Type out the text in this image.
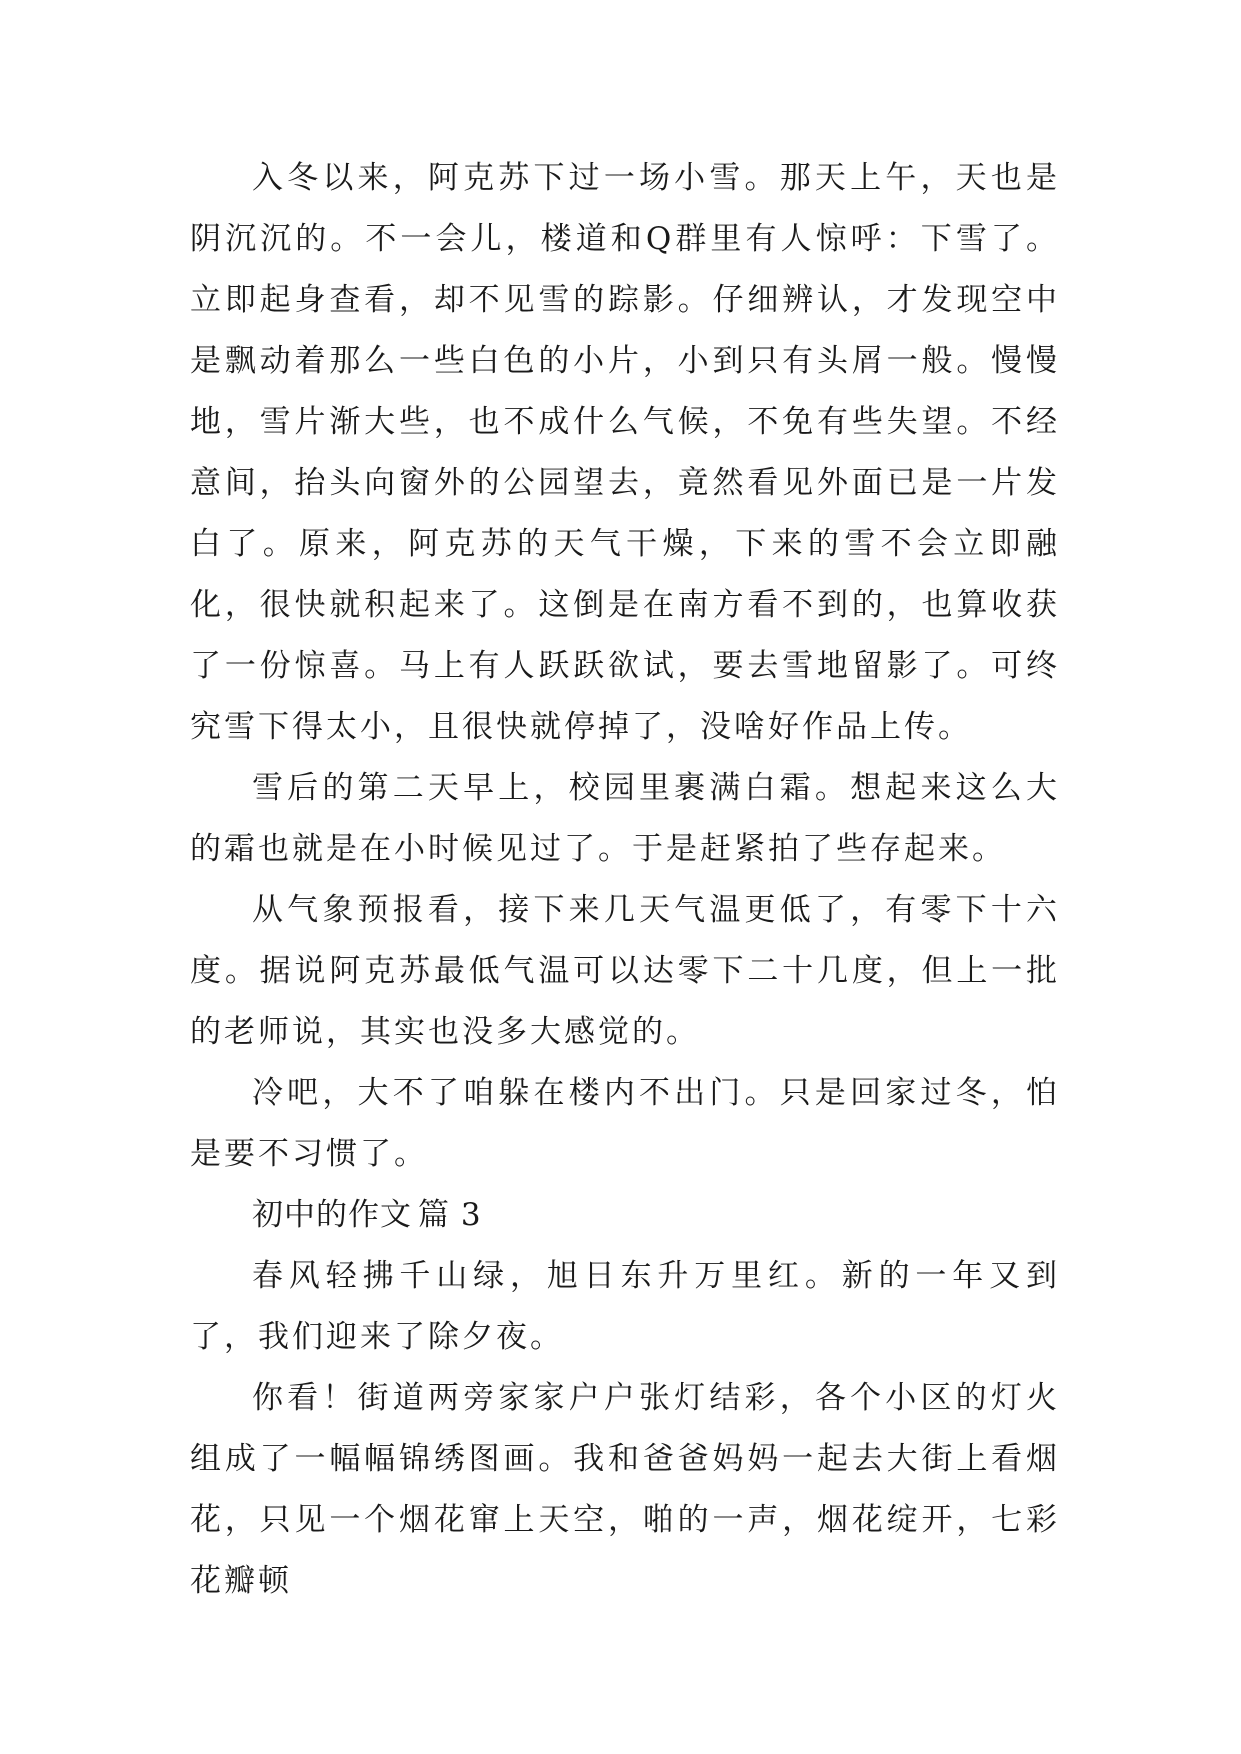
入冬以来，阿克苏下过一场小雪。那天上午，天也是阴沉沉的。不一会儿，楼道和Q群里有人惊呼：下雪了。立即起身查看，却不见雪的踪影。仔细辨认，才发现空中是飘动着那么一些白色的小片，小到只有头屑一般。慢慢地，雪片渐大些，也不成什么气候，不免有些失望。不经意间，抬头向窗外的公园望去，竟然看见外面已是一片发白了。原来，阿克苏的天气干燥，下来的雪不会立即融化，很快就积起来了。这倒是在南方看不到的，也算收获了一份惊喜。马上有人跃跃欲试，要去雪地留影了。可终究雪下得太小，且很快就停掉了，没啥好作品上传。

雪后的第二天早上，校园里裹满白霜。想起来这么大的霜也就是在小时候见过了。于是赶紧拍了些存起来。

从气象预报看，接下来几天气温更低了，有零下十六度。据说阿克苏最低气温可以达零下二十几度，但上一批的老师说，其实也没多大感觉的。

冷吧，大不了咱躲在楼内不出门。只是回家过冬，怕是要不习惯了。

初中的作文 篇 3

春风轻拂千山绿，旭日东升万里红。新的一年又到了，我们迎来了除夕夜。

你看！街道两旁家家户户张灯结彩，各个小区的灯火组成了一幅幅锦绣图画。我和爸爸妈妈一起去大街上看烟花，只见一个烟花窜上天空，啪的一声，烟花绽开，七彩花瓣顿
